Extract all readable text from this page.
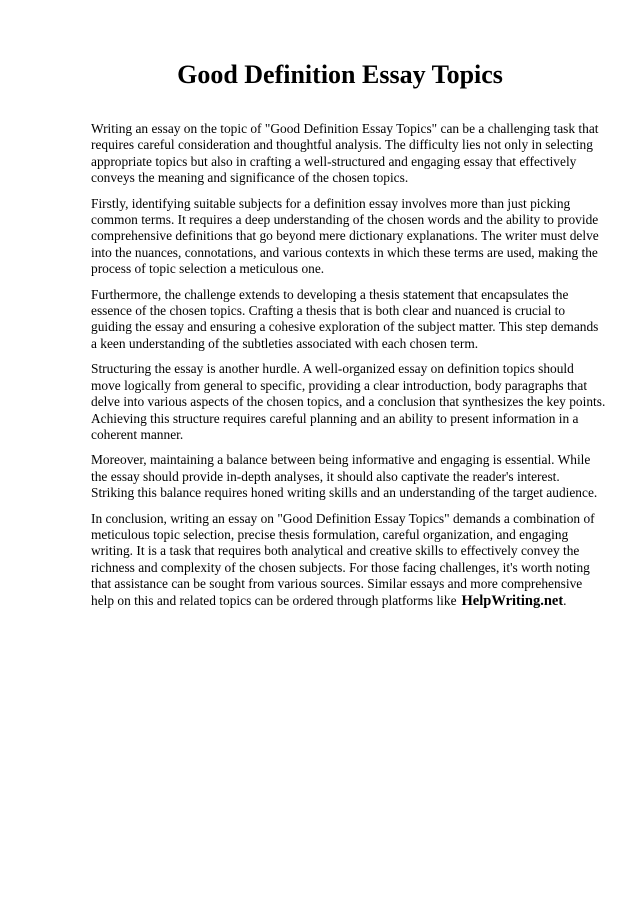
Good Definition Essay Topics

Writing an essay on the topic of "Good Definition Essay Topics" can be a challenging task that requires careful consideration and thoughtful analysis. The difficulty lies not only in selecting appropriate topics but also in crafting a well-structured and engaging essay that effectively conveys the meaning and significance of the chosen topics.

Firstly, identifying suitable subjects for a definition essay involves more than just picking common terms. It requires a deep understanding of the chosen words and the ability to provide comprehensive definitions that go beyond mere dictionary explanations. The writer must delve into the nuances, connotations, and various contexts in which these terms are used, making the process of topic selection a meticulous one.

Furthermore, the challenge extends to developing a thesis statement that encapsulates the essence of the chosen topics. Crafting a thesis that is both clear and nuanced is crucial to guiding the essay and ensuring a cohesive exploration of the subject matter. This step demands a keen understanding of the subtleties associated with each chosen term.

Structuring the essay is another hurdle. A well-organized essay on definition topics should move logically from general to specific, providing a clear introduction, body paragraphs that delve into various aspects of the chosen topics, and a conclusion that synthesizes the key points. Achieving this structure requires careful planning and an ability to present information in a coherent manner.

Moreover, maintaining a balance between being informative and engaging is essential. While the essay should provide in-depth analyses, it should also captivate the reader's interest. Striking this balance requires honed writing skills and an understanding of the target audience.

In conclusion, writing an essay on "Good Definition Essay Topics" demands a combination of meticulous topic selection, precise thesis formulation, careful organization, and engaging writing. It is a task that requires both analytical and creative skills to effectively convey the richness and complexity of the chosen subjects. For those facing challenges, it's worth noting that assistance can be sought from various sources. Similar essays and more comprehensive help on this and related topics can be ordered through platforms like HelpWriting.net.
